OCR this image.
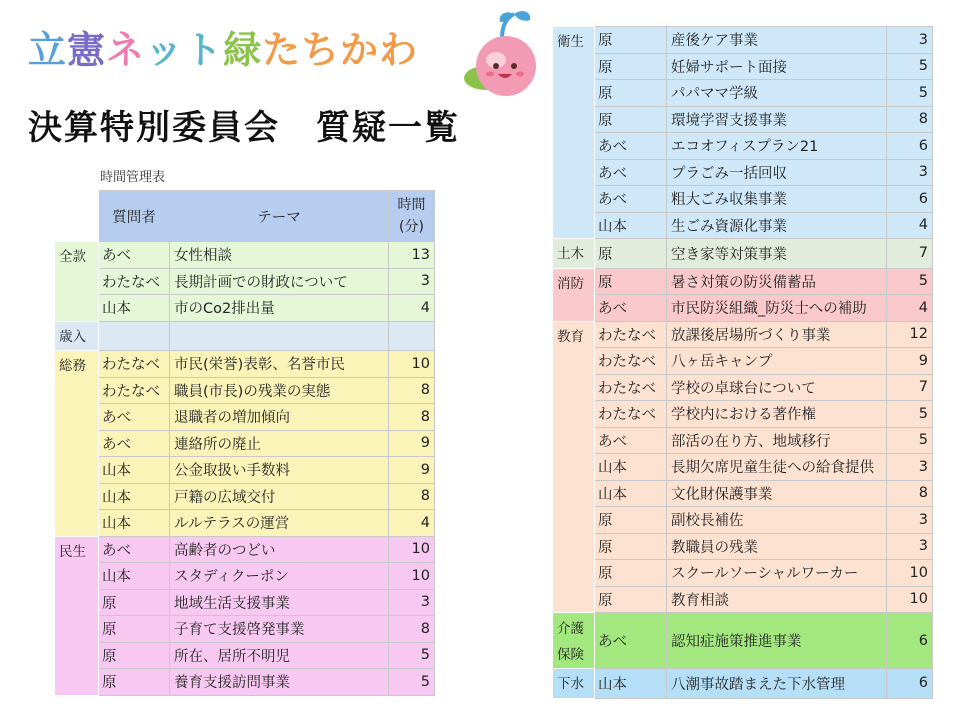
立憲ネット緑たちかわ
決算特別委員会　質疑一覧
時間管理表
	質問者	テーマ	時間
(分)

全款	あべ	女性相談	13
	わたなべ	長期計画での財政について	3
	山本	市のCo2排出量	4
歳入			
総務	わたなべ	市民(栄誉)表彰、名誉市民	10
	わたなべ	職員(市長)の残業の実態	8
	あべ	退職者の増加傾向	8
	あべ	連絡所の廃止	9
	山本	公金取扱い手数料	9
	山本	戸籍の広域交付	8
	山本	ルルテラスの運営	4
民生	あべ	高齢者のつどい	10
	山本	スタディクーポン	10
	原	地域生活支援事業	3
	原	子育て支援啓発事業	8
	原	所在、居所不明児	5
	原	養育支援訪問事業	5
衛生	原	産後ケア事業	3
	原	妊婦サポート面接	5
	原	パパママ学級	5
	原	環境学習支援事業	8
	あべ	エコオフィスプラン21	6
	あべ	プラごみ一括回収	3
	あべ	粗大ごみ収集事業	6
	山本	生ごみ資源化事業	4
土木	原	空き家等対策事業	7
消防	原	暑さ対策の防災備蓄品	5
	あべ	市民防災組織_防災士への補助	4
教育	わたなべ	放課後居場所づくり事業	12
	わたなべ	八ヶ岳キャンプ	9
	わたなべ	学校の卓球台について	7
	わたなべ	学校内における著作権	5
	あべ	部活の在り方、地域移行	5
	山本	長期欠席児童生徒への給食提供	3
	山本	文化財保護事業	8
	原	副校長補佐	3
	原	教職員の残業	3
	原	スクールソーシャルワーカー	10
	原	教育相談	10

介護
保険	あべ	認知症施策推進事業	6
下水	山本	八潮事故踏まえた下水管理	6
